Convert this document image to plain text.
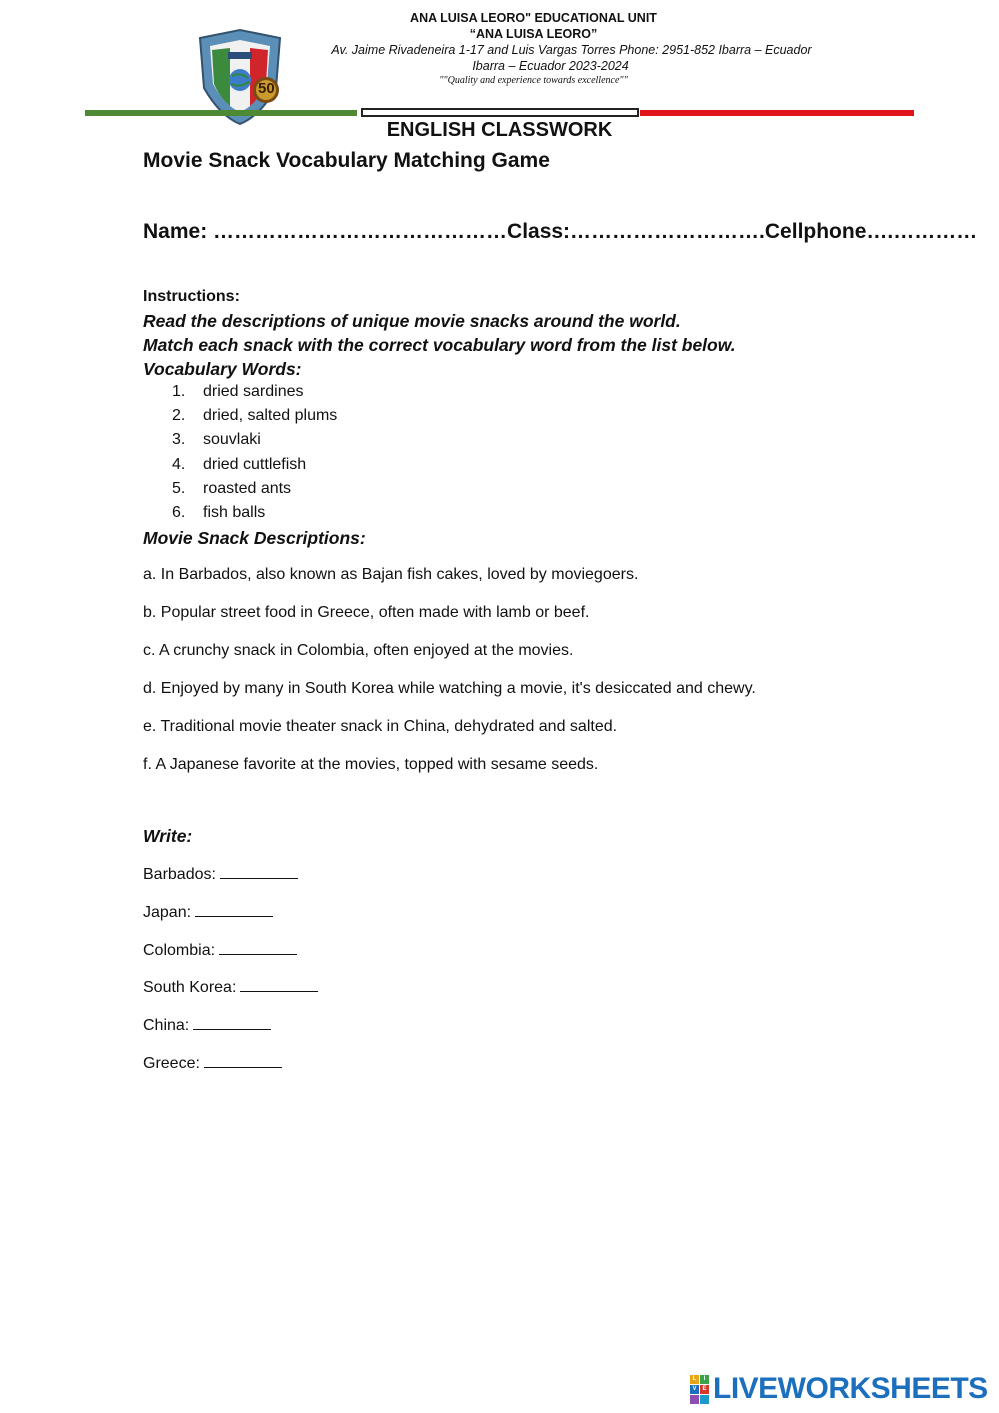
50
ANA LUISA LEORO" EDUCATIONAL UNIT
“ANA LUISA LEORO”
Av. Jaime Rivadeneira 1-17 and Luis Vargas Torres Phone: 2951-852 Ibarra – Ecuador
Ibarra – Ecuador 2023-2024
""Quality and experience towards excellence""
ENGLISH CLASSWORK
Movie Snack Vocabulary Matching Game
Name: ……………………………………Class:……………………….Cellphone….…………
Instructions:
Read the descriptions of unique movie snacks around the world.
Match each snack with the correct vocabulary word from the list below.
Vocabulary Words:
1. dried sardines
2. dried, salted plums
3. souvlaki
4. dried cuttlefish
5. roasted ants
6. fish balls
Movie Snack Descriptions:
a. In Barbados, also known as Bajan fish cakes, loved by moviegoers.
b. Popular street food in Greece, often made with lamb or beef.
c. A crunchy snack in Colombia, often enjoyed at the movies.
d. Enjoyed by many in South Korea while watching a movie, it's desiccated and chewy.
e. Traditional movie theater snack in China, dehydrated and salted.
f. A Japanese favorite at the movies, topped with sesame seeds.
Write:
Barbados:
Japan:
Colombia:
South Korea:
China:
Greece:
L	I
V E LIVEWORKSHEETS
